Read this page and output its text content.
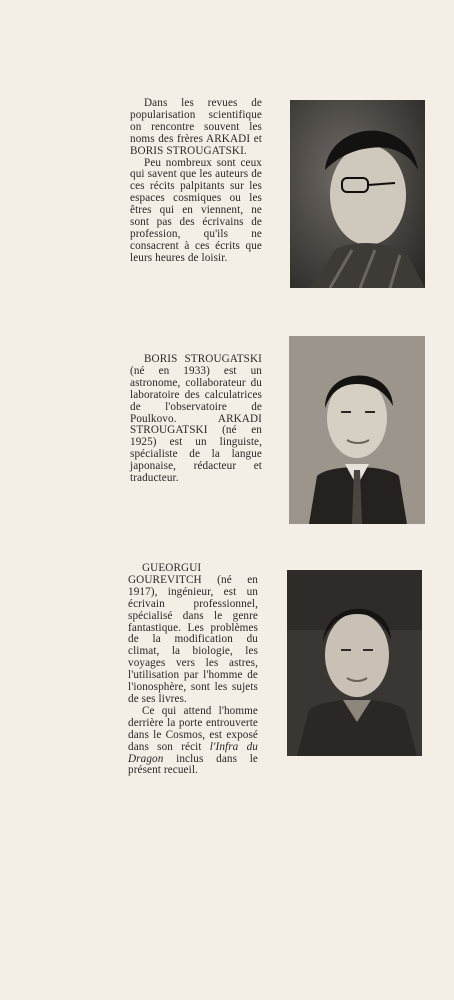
Dans les revues de popularisation scientifique on rencontre souvent les noms des frères ARKADI et BORIS STROUGATSKI.

Peu nombreux sont ceux qui savent que les auteurs de ces récits palpitants sur les espaces cosmiques ou les êtres qui en viennent, ne sont pas des écrivains de profession, qu'ils ne consacrent à ces écrits que leurs heures de loisir.

BORIS STROUGATSKI (né en 1933) est un astronome, collaborateur du laboratoire des calculatrices de l'observatoire de Poulkovo. ARKADI STROUGATSKI (né en 1925) est un linguiste, spécialiste de la langue japonaise, rédacteur et traducteur.

GUEORGUI GOUREVITCH (né en 1917), ingénieur, est un écrivain professionnel, spécialisé dans le genre fantastique. Les problèmes de la modification du climat, la biologie, les voyages vers les astres, l'utilisation par l'homme de l'ionosphère, sont les sujets de ses livres.

Ce qui attend l'homme derrière la porte entrouverte dans le Cosmos, est exposé dans son récit l'Infra du Dragon inclus dans le présent recueil.
